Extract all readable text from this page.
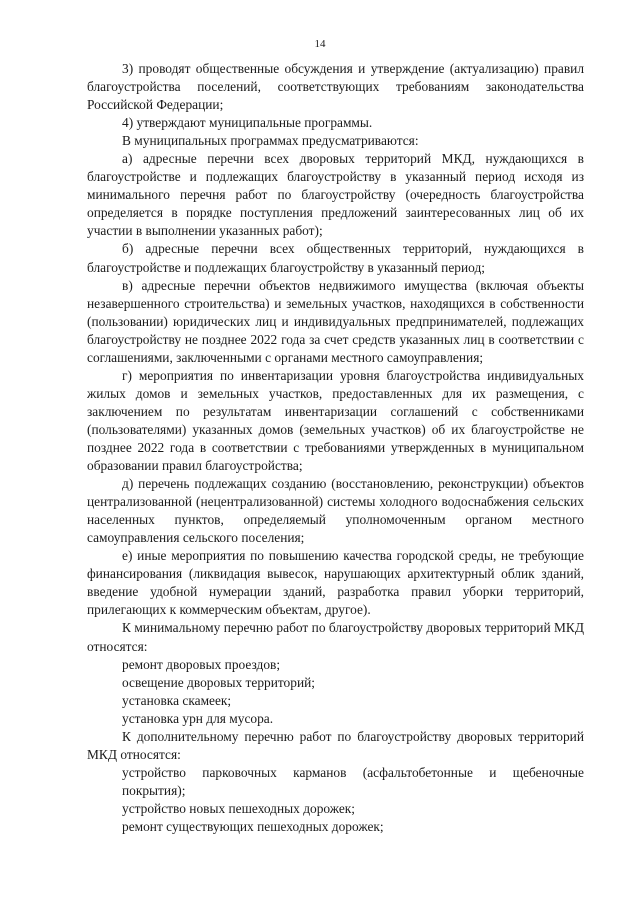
14

3) проводят общественные обсуждения и утверждение (актуализацию) правил благоустройства поселений, соответствующих требованиям законодательства Российской Федерации;

4) утверждают муниципальные программы.

В муниципальных программах предусматриваются:

а) адресные перечни всех дворовых территорий МКД, нуждающихся в благоустройстве и подлежащих благоустройству в указанный период исходя из минимального перечня работ по благоустройству (очередность благоустройства определяется в порядке поступления предложений заинтересованных лиц об их участии в выполнении указанных работ);

б) адресные перечни всех общественных территорий, нуждающихся в благоустройстве и подлежащих благоустройству в указанный период;

в) адресные перечни объектов недвижимого имущества (включая объекты незавершенного строительства) и земельных участков, находящихся в собственности (пользовании) юридических лиц и индивидуальных предпринимателей, подлежащих благоустройству не позднее 2022 года за счет средств указанных лиц в соответствии с соглашениями, заключенными с органами местного самоуправления;

г) мероприятия по инвентаризации уровня благоустройства индивидуальных жилых домов и земельных участков, предоставленных для их размещения, с заключением по результатам инвентаризации соглашений с собственниками (пользователями) указанных домов (земельных участков) об их благоустройстве не позднее 2022 года в соответствии с требованиями утвержденных в муниципальном образовании правил благоустройства;

д) перечень подлежащих созданию (восстановлению, реконструкции) объектов централизованной (нецентрализованной) системы холодного водоснабжения сельских населенных пунктов, определяемый уполномоченным органом местного самоуправления сельского поселения;

е) иные мероприятия по повышению качества городской среды, не требующие финансирования (ликвидация вывесок, нарушающих архитектурный облик зданий, введение удобной нумерации зданий, разработка правил уборки территорий, прилегающих к коммерческим объектам, другое).

К минимальному перечню работ по благоустройству дворовых территорий МКД относятся:

ремонт дворовых проездов;

освещение дворовых территорий;

установка скамеек;

установка урн для мусора.

К дополнительному перечню работ по благоустройству дворовых территорий МКД относятся:

устройство парковочных карманов (асфальтобетонные и щебеночные покрытия);

устройство новых пешеходных дорожек;

ремонт существующих пешеходных дорожек;
